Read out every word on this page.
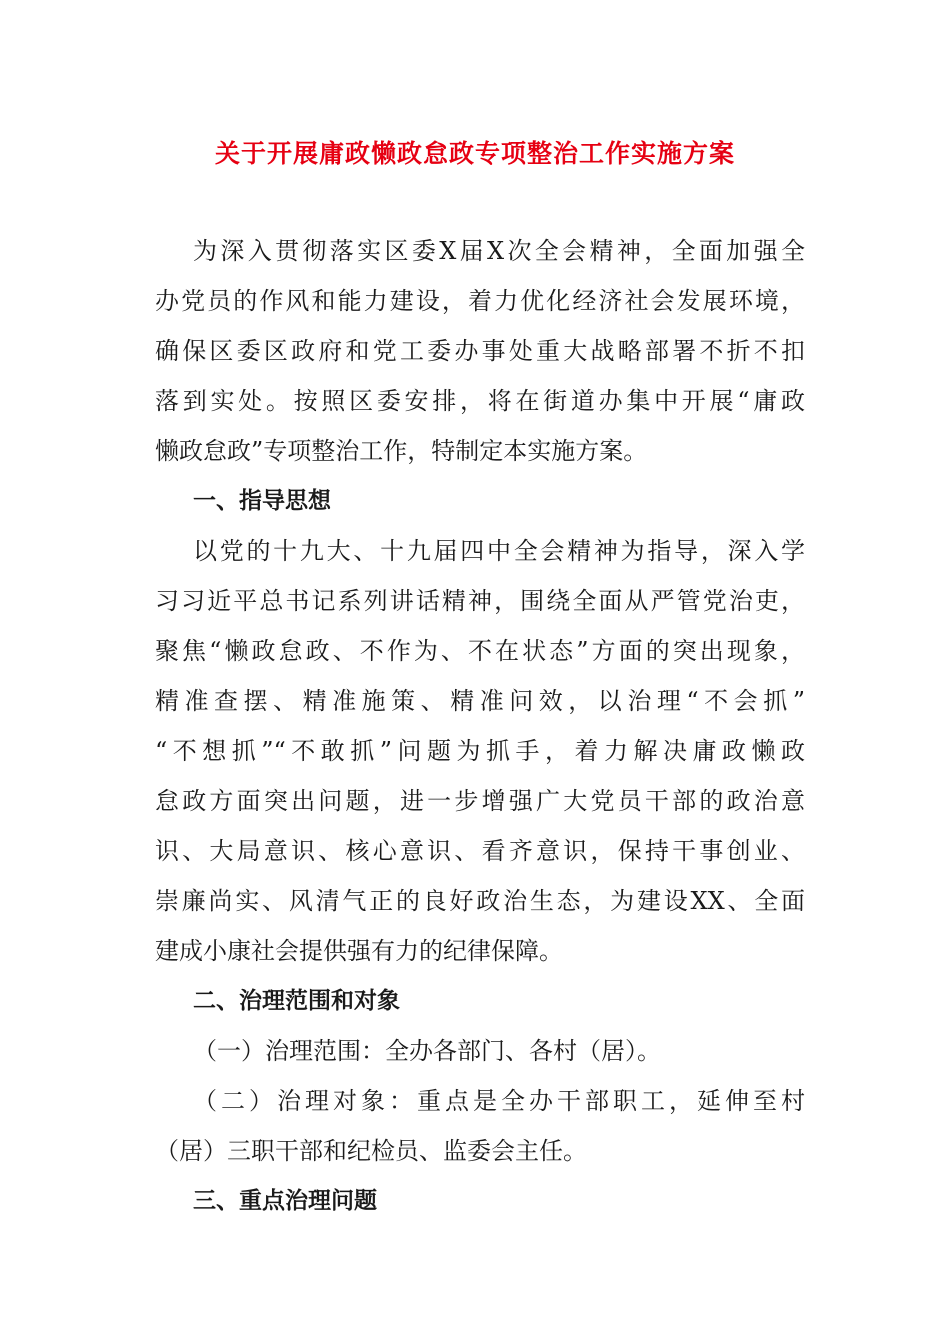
关于开展庸政懒政怠政专项整治工作实施方案

为深入贯彻落实区委X届X次全会精神，全面加强全

办党员的作风和能力建设，着力优化经济社会发展环境，

确保区委区政府和党工委办事处重大战略部署不折不扣

落到实处。按照区委安排，将在街道办集中开展“庸政

懒政怠政”专项整治工作，特制定本实施方案。

一、指导思想

以党的十九大、十九届四中全会精神为指导，深入学

习习近平总书记系列讲话精神，围绕全面从严管党治吏，

聚焦“懒政怠政、不作为、不在状态”方面的突出现象，

精准查摆、精准施策、精准问效，以治理“不会抓”

“不想抓”“不敢抓”问题为抓手，着力解决庸政懒政

怠政方面突出问题，进一步增强广大党员干部的政治意

识、大局意识、核心意识、看齐意识，保持干事创业、

崇廉尚实、风清气正的良好政治生态，为建设XX、全面

建成小康社会提供强有力的纪律保障。

二、治理范围和对象

（一）治理范围：全办各部门、各村（居）。

（二）治理对象：重点是全办干部职工，延伸至村

（居）三职干部和纪检员、监委会主任。

三、重点治理问题
